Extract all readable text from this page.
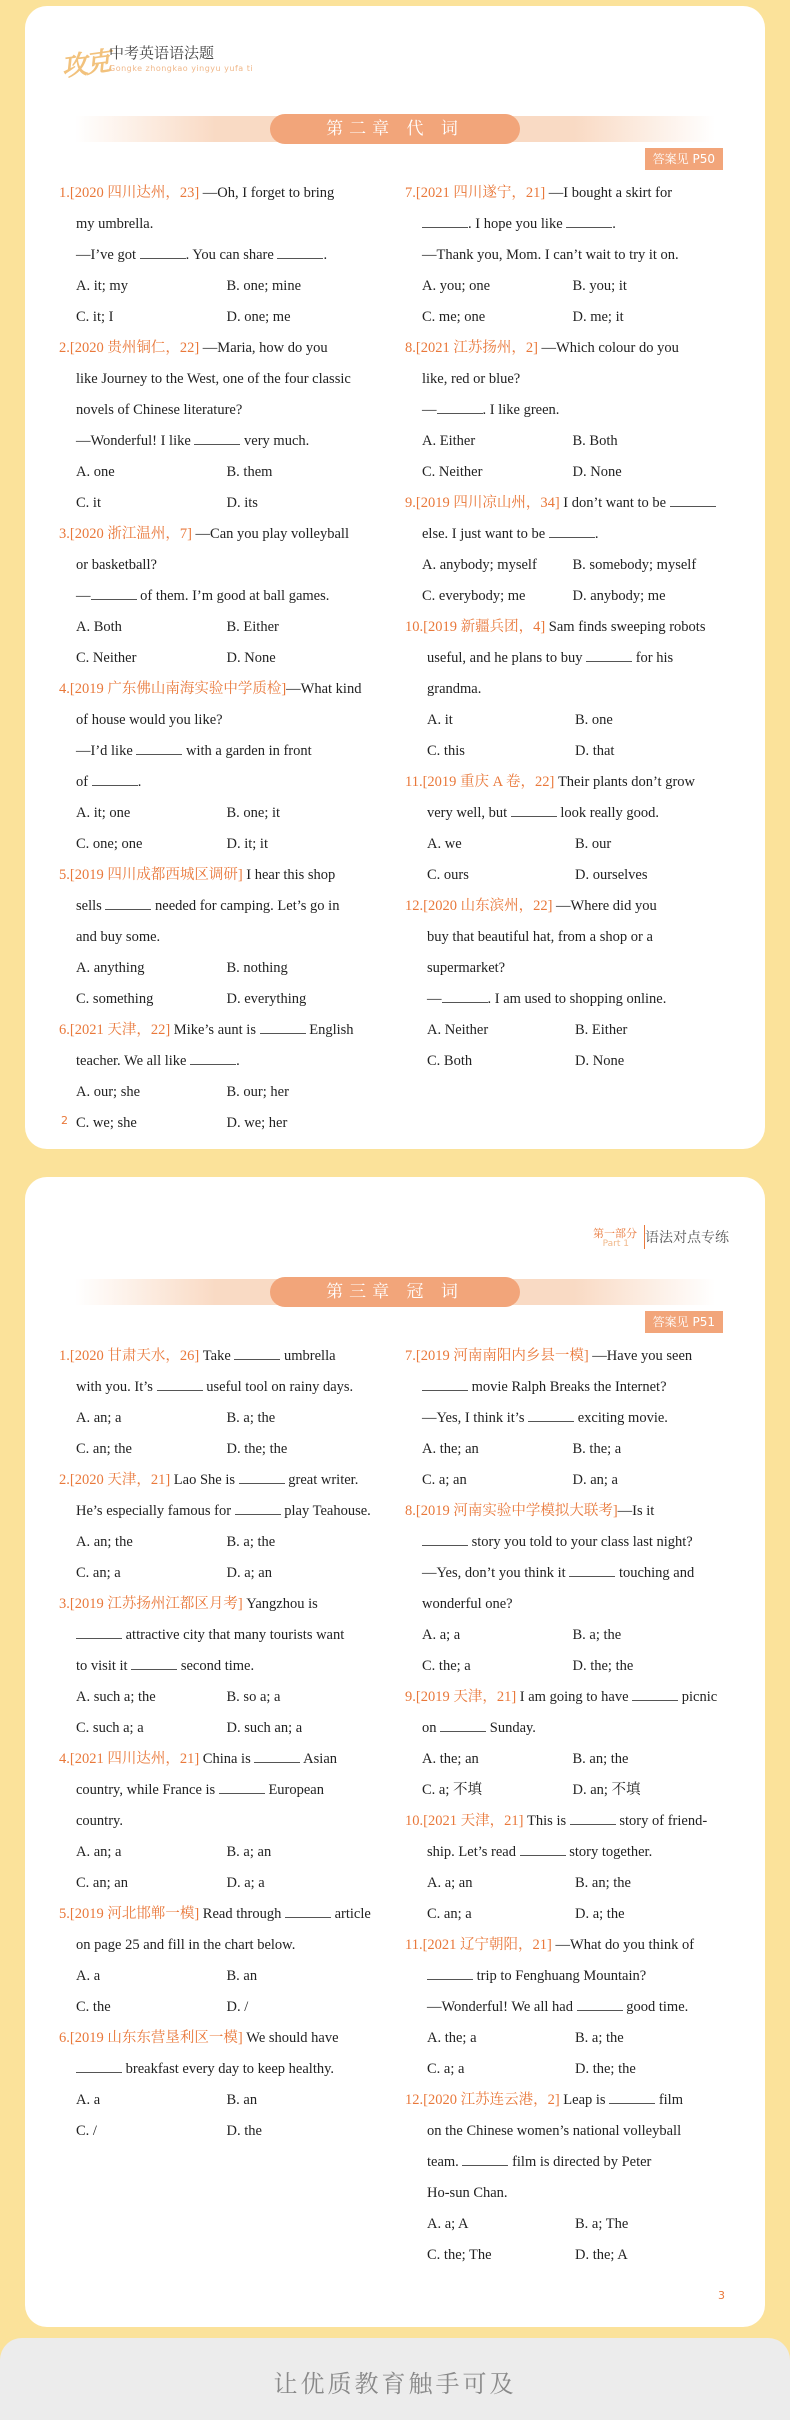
攻克
中考英语语法题
Gongke zhongkao yingyu yufa ti
第二章 代 词
答案见 P50

1.[2020 四川达州，23] —Oh, I forget to bring

my umbrella.

—I’ve got	. You can share	.

A. it; my	B. one; mine
C. it; I	D. one; me

2.[2020 贵州铜仁，22] —Maria, how do you

like Journey to the West, one of the four classic

novels of Chinese literature?

—Wonderful! I like	very much.

A. one	B. them
C. it	D. its

3.[2020 浙江温州，7] —Can you play volleyball

or basketball?

—	of them. I’m good at ball games.

A. Both	B. Either
C. Neither	D. None

4.[2019 广东佛山南海实验中学质检]—What kind

of house would you like?

—I’d like	with a garden in front

of	.

A. it; one	B. one; it
C. one; one	D. it; it

5.[2019 四川成都西城区调研] I hear this shop

sells	needed for camping. Let’s go in

and buy some.

A. anything	B. nothing
C. something	D. everything

6.[2021 天津，22] Mike’s aunt is	English

teacher. We all like	.

A. our; she	B. our; her
C. we; she	D. we; her

7.[2021 四川遂宁，21] —I bought a skirt for

. I hope you like	.

—Thank you, Mom. I can’t wait to try it on.

A. you; one	B. you; it
C. me; one	D. me; it

8.[2021 江苏扬州，2] —Which colour do you

like, red or blue?

—	. I like green.

A. Either	B. Both
C. Neither	D. None

9.[2019 四川凉山州，34] I don’t want to be

else. I just want to be	.

A. anybody; myself	B. somebody; myself
C. everybody; me	D. anybody; me

10.[2019 新疆兵团，4] Sam finds sweeping robots

useful, and he plans to buy	for his

grandma.

A. it	B. one
C. this	D. that

11.[2019 重庆 A 卷，22] Their plants don’t grow

very well, but	look really good.

A. we	B. our
C. ours	D. ourselves

12.[2020 山东滨州，22] —Where did you

buy that beautiful hat, from a shop or a

supermarket?

—	. I am used to shopping online.

A. Neither	B. Either
C. Both	D. None
2
第一部分
Part 1 语法对点专练
第三章 冠 词
答案见 P51

1.[2020 甘肃天水，26] Take	umbrella

with you. It’s	useful tool on rainy days.

A. an; a	B. a; the
C. an; the	D. the; the

2.[2020 天津，21] Lao She is	great writer.

He’s especially famous for	play Teahouse.

A. an; the	B. a; the
C. an; a	D. a; an

3.[2019 江苏扬州江都区月考] Yangzhou is

attractive city that many tourists want

to visit it	second time.

A. such a; the	B. so a; a
C. such a; a	D. such an; a

4.[2021 四川达州，21] China is	Asian

country, while France is	European

country.

A. an; a	B. a; an
C. an; an	D. a; a

5.[2019 河北邯郸一模] Read through	article

on page 25 and fill in the chart below.

A. a	B. an
C. the	D. /

6.[2019 山东东营垦利区一模] We should have

breakfast every day to keep healthy.

A. a	B. an
C. /	D. the

7.[2019 河南南阳内乡县一模] —Have you seen

movie Ralph Breaks the Internet?

—Yes, I think it’s	exciting movie.

A. the; an	B. the; a
C. a; an	D. an; a

8.[2019 河南实验中学模拟大联考]—Is it

story you told to your class last night?

—Yes, don’t you think it	touching and

wonderful one?

A. a; a	B. a; the
C. the; a	D. the; the

9.[2019 天津，21] I am going to have	picnic

on	Sunday.

A. the; an	B. an; the
C. a; 不填	D. an; 不填

10.[2021 天津，21] This is	story of friend-

ship. Let’s read	story together.

A. a; an	B. an; the
C. an; a	D. a; the

11.[2021 辽宁朝阳，21] —What do you think of

trip to Fenghuang Mountain?

—Wonderful! We all had	good time.

A. the; a	B. a; the
C. a; a	D. the; the

12.[2020 江苏连云港，2] Leap is	film

on the Chinese women’s national volleyball

team.	film is directed by Peter

Ho-sun Chan.

A. a; A	B. a; The
C. the; The	D. the; A
3
让优质教育触手可及
